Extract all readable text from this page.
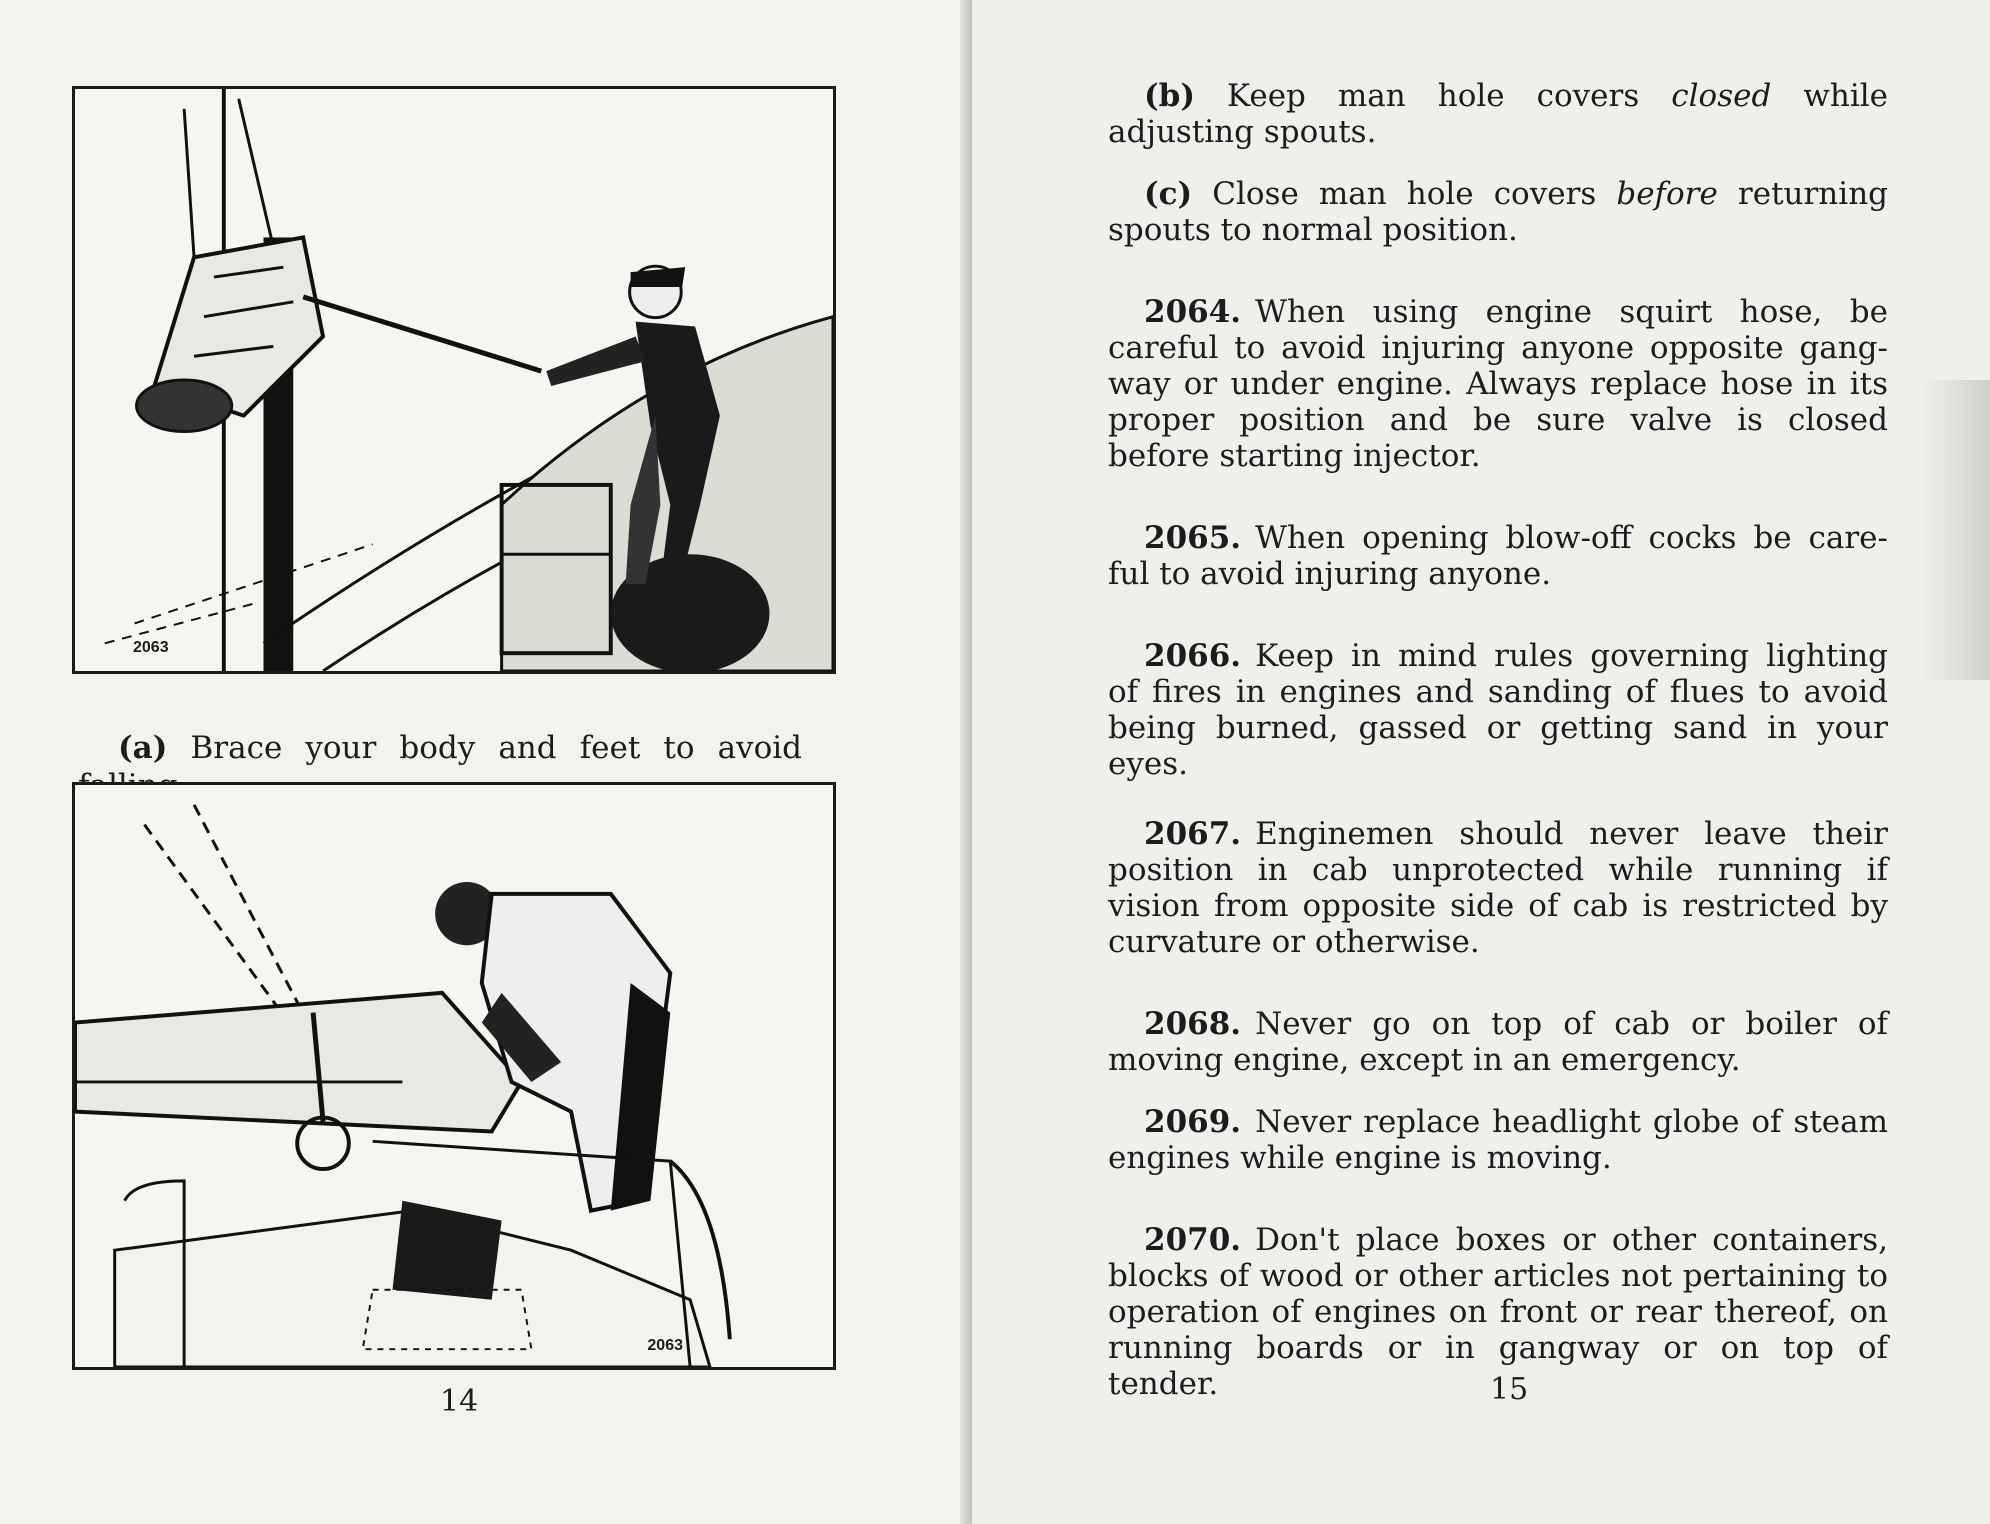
2063

(a) Brace your body and feet to avoid

2063
14

(b) Keep man hole covers closed while adjusting spouts.

(c) Close man hole covers before returning spouts to normal position.

2064. When using engine squirt hose, be careful to avoid injuring anyone opposite gang-way or under engine. Always replace hose in its proper position and be sure valve is closed before starting injector.

2065. When opening blow-off cocks be care-ful to avoid injuring anyone.

2066. Keep in mind rules governing lighting of fires in engines and sanding of flues to avoid being burned, gassed or getting sand in your eyes.

2067. Enginemen should never leave their position in cab unprotected while running if vision from opposite side of cab is restricted by curvature or otherwise.

2068. Never go on top of cab or boiler of moving engine, except in an emergency.

2069. Never replace headlight globe of steam engines while engine is moving.

2070. Don't place boxes or other containers, blocks of wood or other articles not pertaining to operation of engines on front or rear thereof, on running boards or in gangway or on top of tender.	15
